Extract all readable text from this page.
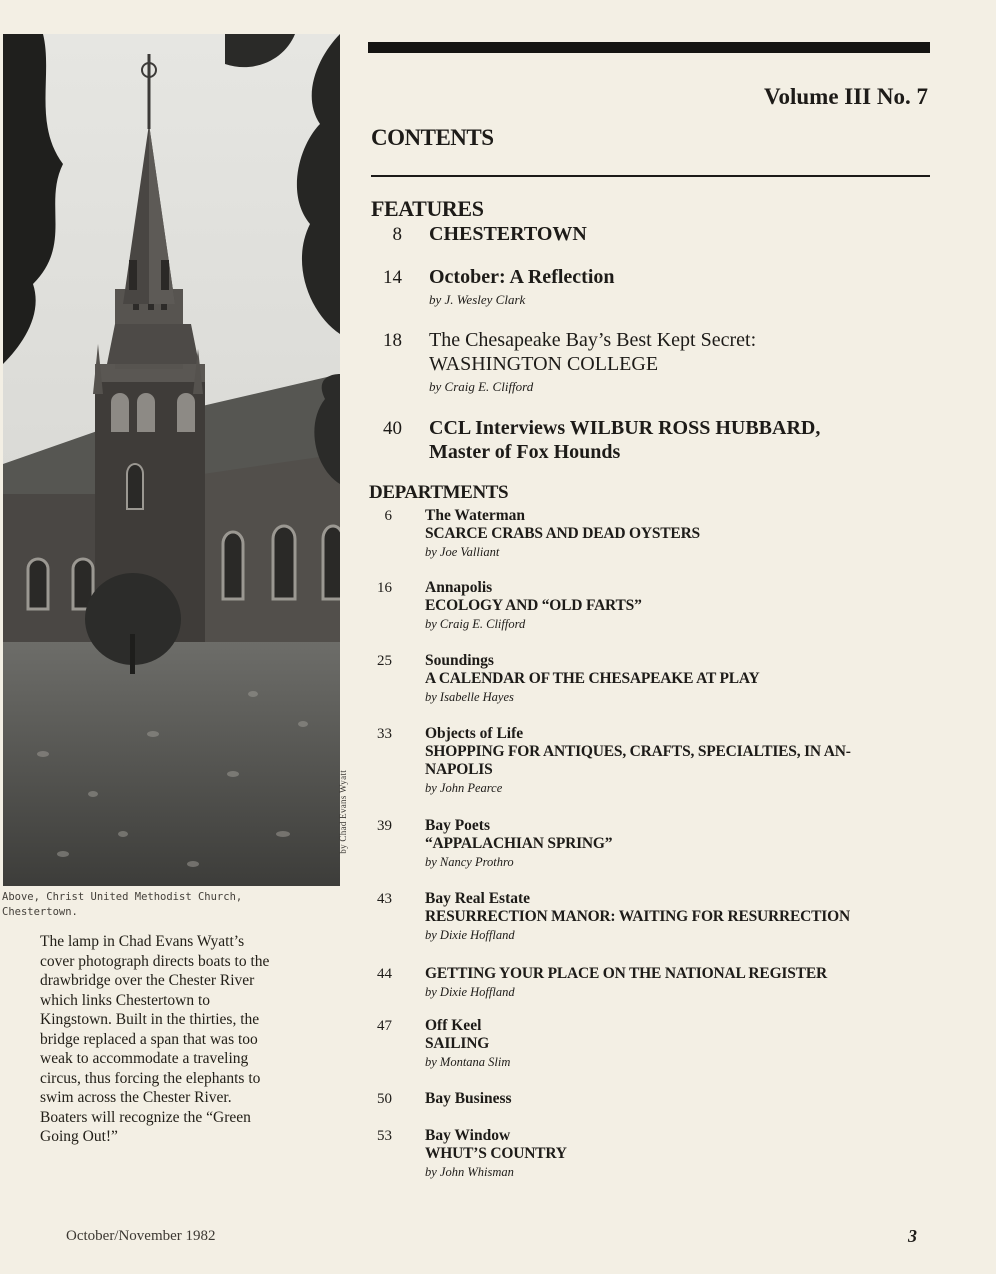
by Chad Evans Wyatt
Above, Christ United Methodist Church,
Chestertown.
The lamp in Chad Evans Wyatt’s
cover photograph directs boats to the
drawbridge over the Chester River
which links Chestertown to
Kingstown. Built in the thirties, the
bridge replaced a span that was too
weak to accommodate a traveling
circus, thus forcing the elephants to
swim across the Chester River.
Boaters will recognize the “Green
Going Out!”
Volume III No. 7
CONTENTS
FEATURES
8 CHESTERTOWN
14 October: A Reflection
by J. Wesley Clark
18 The Chesapeake Bay’s Best Kept Secret:
WASHINGTON COLLEGE
by Craig E. Clifford
40 CCL Interviews WILBUR ROSS HUBBARD,
Master of Fox Hounds
DEPARTMENTS
6 The Waterman
SCARCE CRABS AND DEAD OYSTERS
by Joe Valliant
16 Annapolis
ECOLOGY AND “OLD FARTS”
by Craig E. Clifford
25 Soundings
A CALENDAR OF THE CHESAPEAKE AT PLAY
by Isabelle Hayes
33 Objects of Life
SHOPPING FOR ANTIQUES, CRAFTS, SPECIALTIES, IN AN-
NAPOLIS
by John Pearce
39 Bay Poets
“APPALACHIAN SPRING”
by Nancy Prothro
43 Bay Real Estate
RESURRECTION MANOR: WAITING FOR RESURRECTION
by Dixie Hoffland
44 GETTING YOUR PLACE ON THE NATIONAL REGISTER
by Dixie Hoffland
47 Off Keel
SAILING
by Montana Slim
50 Bay Business
53 Bay Window
WHUT’S COUNTRY
by John Whisman
October/November 1982	3
